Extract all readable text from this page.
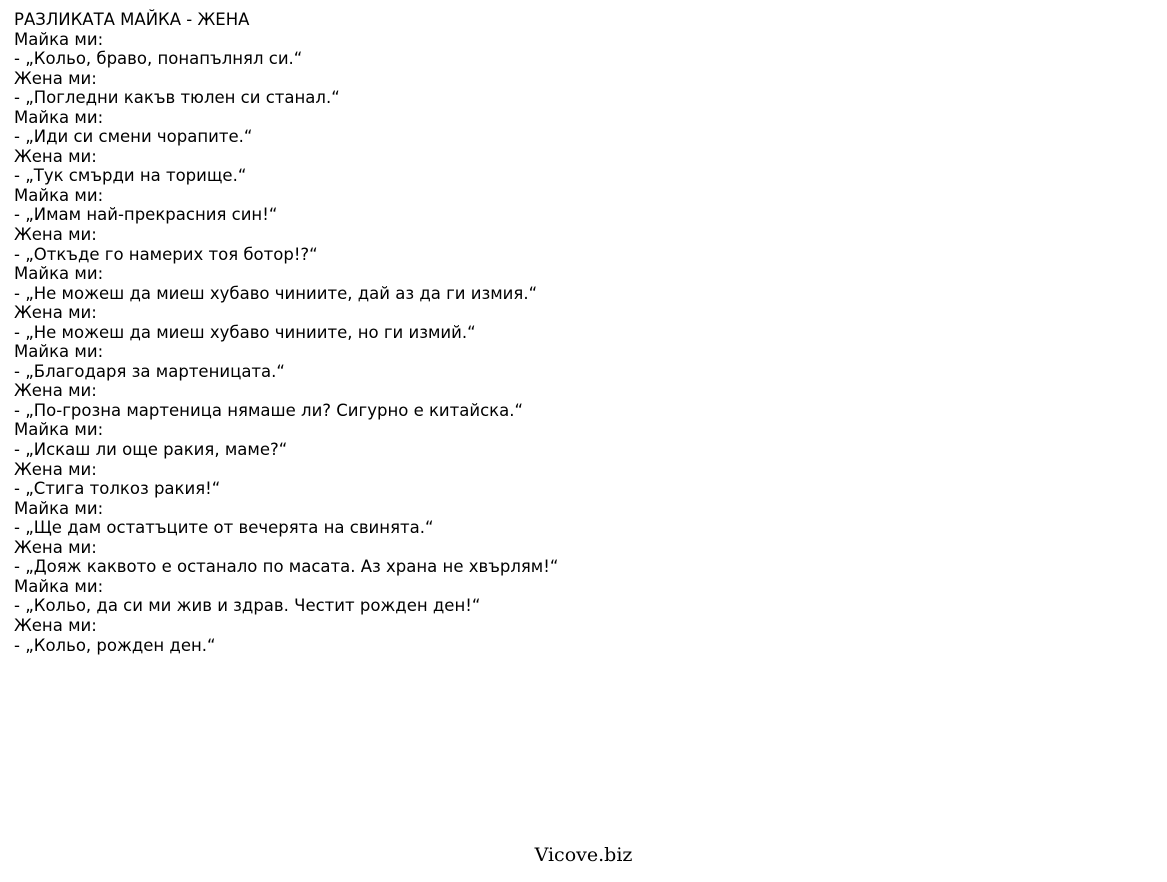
РАЗЛИКАТА МАЙКА - ЖЕНА
Майка ми:
- „Кольо, браво, понапълнял си.“
Жена ми:
- „Погледни какъв тюлен си станал.“
Майка ми:
- „Иди си смени чорапите.“
Жена ми:
- „Тук смърди на торище.“
Майка ми:
- „Имам най-прекрасния син!“
Жена ми:
- „Откъде го намерих тоя ботор!?“
Майка ми:
- „Не можеш да миеш хубаво чиниите, дай аз да ги измия.“
Жена ми:
- „Не можеш да миеш хубаво чиниите, но ги измий.“
Майка ми:
- „Благодаря за мартеницата.“
Жена ми:
- „По-грозна мартеница нямаше ли? Сигурно е китайска.“
Майка ми:
- „Искаш ли още ракия, маме?“
Жена ми:
- „Стига толкоз ракия!“
Майка ми:
- „Ще дам остатъците от вечерята на свинята.“
Жена ми:
- „Дояж каквото е останало по масата. Аз храна не хвърлям!“
Майка ми:
- „Кольо, да си ми жив и здрав. Честит рожден ден!“
Жена ми:
- „Кольо, рожден ден.“
Vicove.biz
